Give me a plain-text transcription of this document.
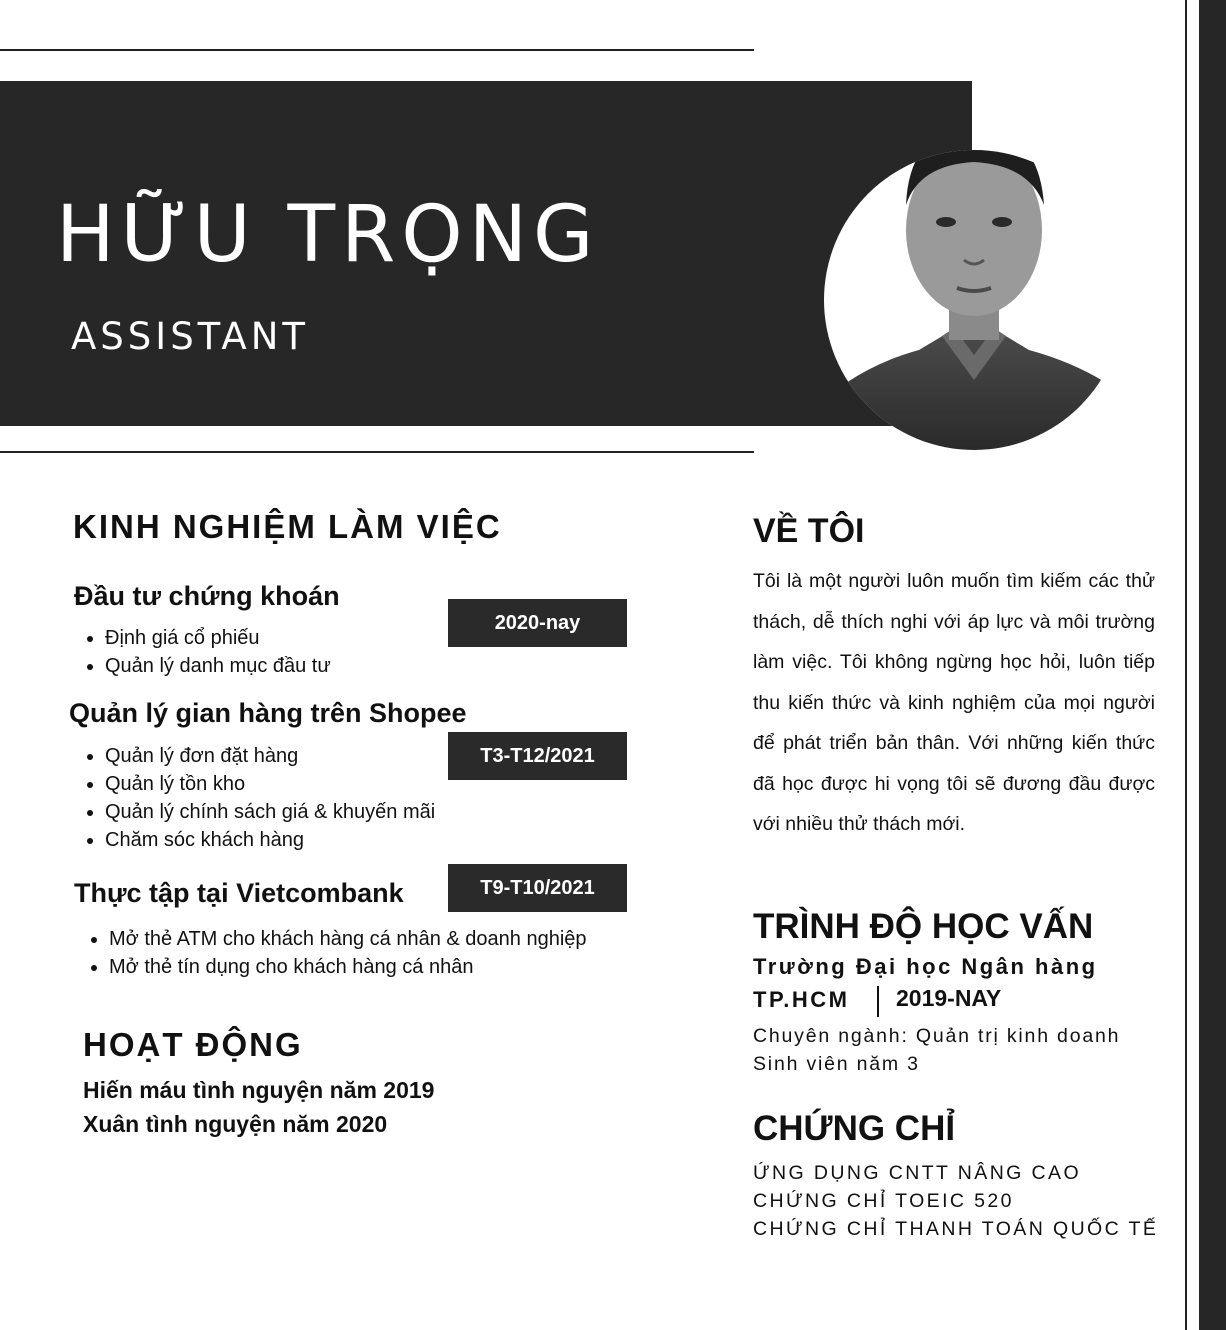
HỮU TRỌNG
ASSISTANT
KINH NGHIỆM LÀM VIỆC
Đầu tư chứng khoán
2020-nay
• Định giá cổ phiếu
• Quản lý danh mục đầu tư
Quản lý gian hàng trên Shopee
T3-T12/2021
• Quản lý đơn đặt hàng
• Quản lý tồn kho
• Quản lý chính sách giá & khuyến mãi
• Chăm sóc khách hàng
Thực tập tại Vietcombank	T9-T10/2021
• Mở thẻ ATM cho khách hàng cá nhân & doanh nghiệp
• Mở thẻ tín dụng cho khách hàng cá nhân
HOẠT ĐỘNG
Hiến máu tình nguyện năm 2019
Xuân tình nguyện năm 2020
VỀ TÔI

Tôi là một người luôn muốn tìm kiếm các thử thách, dễ thích nghi với áp lực và môi trường làm việc. Tôi không ngừng học hỏi, luôn tiếp thu kiến thức và kinh nghiệm của mọi người để phát triển bản thân. Với những kiến thức đã học được hi vọng tôi sẽ đương đầu được với nhiều thử thách mới.

TRÌNH ĐỘ HỌC VẤN
Trường Đại học Ngân hàng
TP.HCM 2019-NAY
Chuyên ngành: Quản trị kinh doanh
Sinh viên năm 3
CHỨNG CHỈ
ỨNG DỤNG CNTT NÂNG CAO
CHỨNG CHỈ TOEIC 520
CHỨNG CHỈ THANH TOÁN QUỐC TẾ
